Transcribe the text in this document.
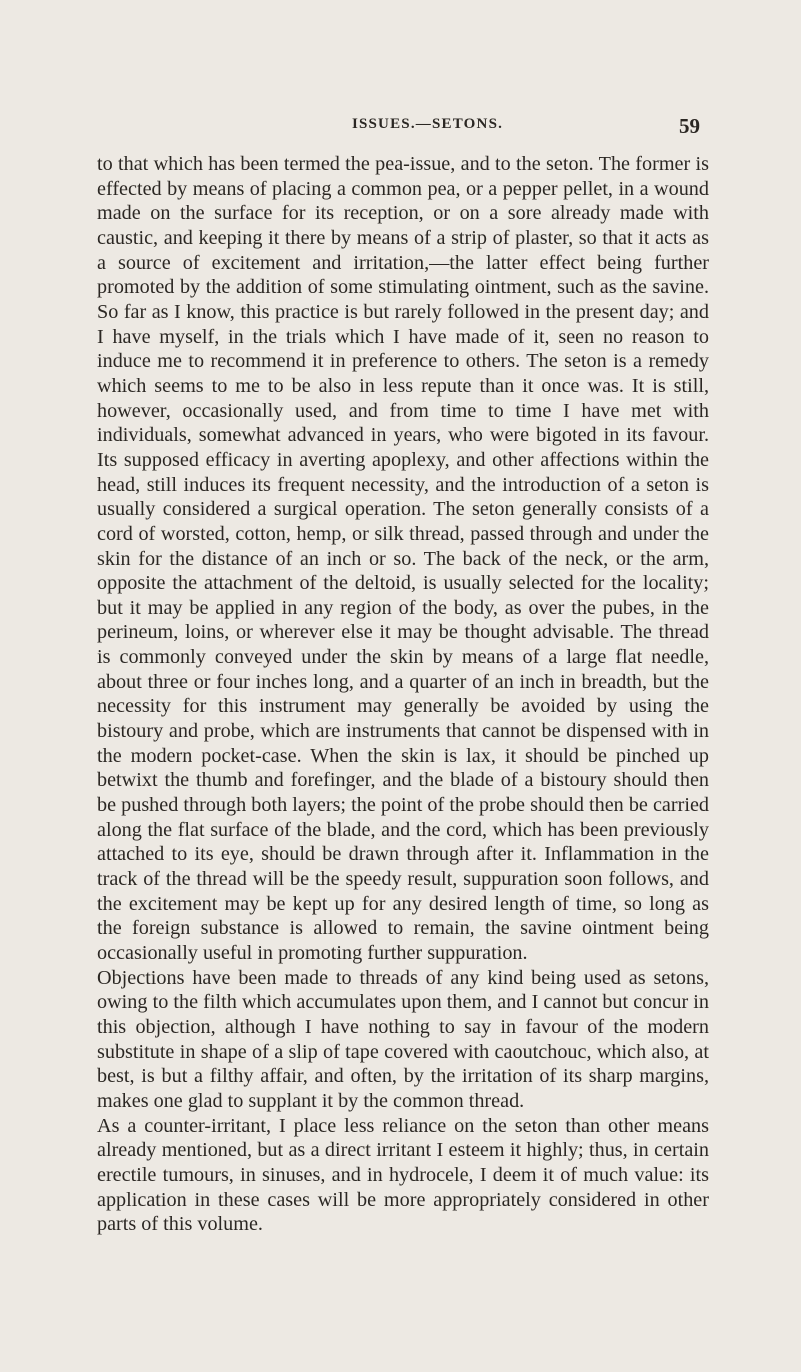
ISSUES.—SETONS.	59

to that which has been termed the pea-issue, and to the seton. The former is effected by means of placing a common pea, or a pepper pellet, in a wound made on the surface for its reception, or on a sore already made with caustic, and keeping it there by means of a strip of plaster, so that it acts as a source of excitement and irritation,—the latter effect being further promoted by the addition of some stimulating ointment, such as the savine. So far as I know, this practice is but rarely followed in the present day; and I have myself, in the trials which I have made of it, seen no reason to induce me to recommend it in preference to others. The seton is a remedy which seems to me to be also in less repute than it once was. It is still, however, occasionally used, and from time to time I have met with individuals, somewhat advanced in years, who were bigoted in its favour. Its supposed efficacy in averting apoplexy, and other affections within the head, still induces its frequent necessity, and the introduction of a seton is usually considered a surgical operation. The seton generally consists of a cord of worsted, cotton, hemp, or silk thread, passed through and under the skin for the distance of an inch or so. The back of the neck, or the arm, opposite the attachment of the deltoid, is usually selected for the locality; but it may be applied in any region of the body, as over the pubes, in the perineum, loins, or wherever else it may be thought advisable. The thread is commonly conveyed under the skin by means of a large flat needle, about three or four inches long, and a quarter of an inch in breadth, but the necessity for this instrument may generally be avoided by using the bistoury and probe, which are instruments that cannot be dispensed with in the modern pocket-case. When the skin is lax, it should be pinched up betwixt the thumb and forefinger, and the blade of a bistoury should then be pushed through both layers; the point of the probe should then be carried along the flat surface of the blade, and the cord, which has been previously attached to its eye, should be drawn through after it. Inflammation in the track of the thread will be the speedy result, suppuration soon follows, and the excitement may be kept up for any desired length of time, so long as the foreign substance is allowed to remain, the savine ointment being occasionally useful in promoting further suppuration.

Objections have been made to threads of any kind being used as setons, owing to the filth which accumulates upon them, and I cannot but concur in this objection, although I have nothing to say in favour of the modern substitute in shape of a slip of tape covered with caoutchouc, which also, at best, is but a filthy affair, and often, by the irritation of its sharp margins, makes one glad to supplant it by the common thread.

As a counter-irritant, I place less reliance on the seton than other means already mentioned, but as a direct irritant I esteem it highly; thus, in certain erectile tumours, in sinuses, and in hydrocele, I deem it of much value: its application in these cases will be more appropriately considered in other parts of this volume.
